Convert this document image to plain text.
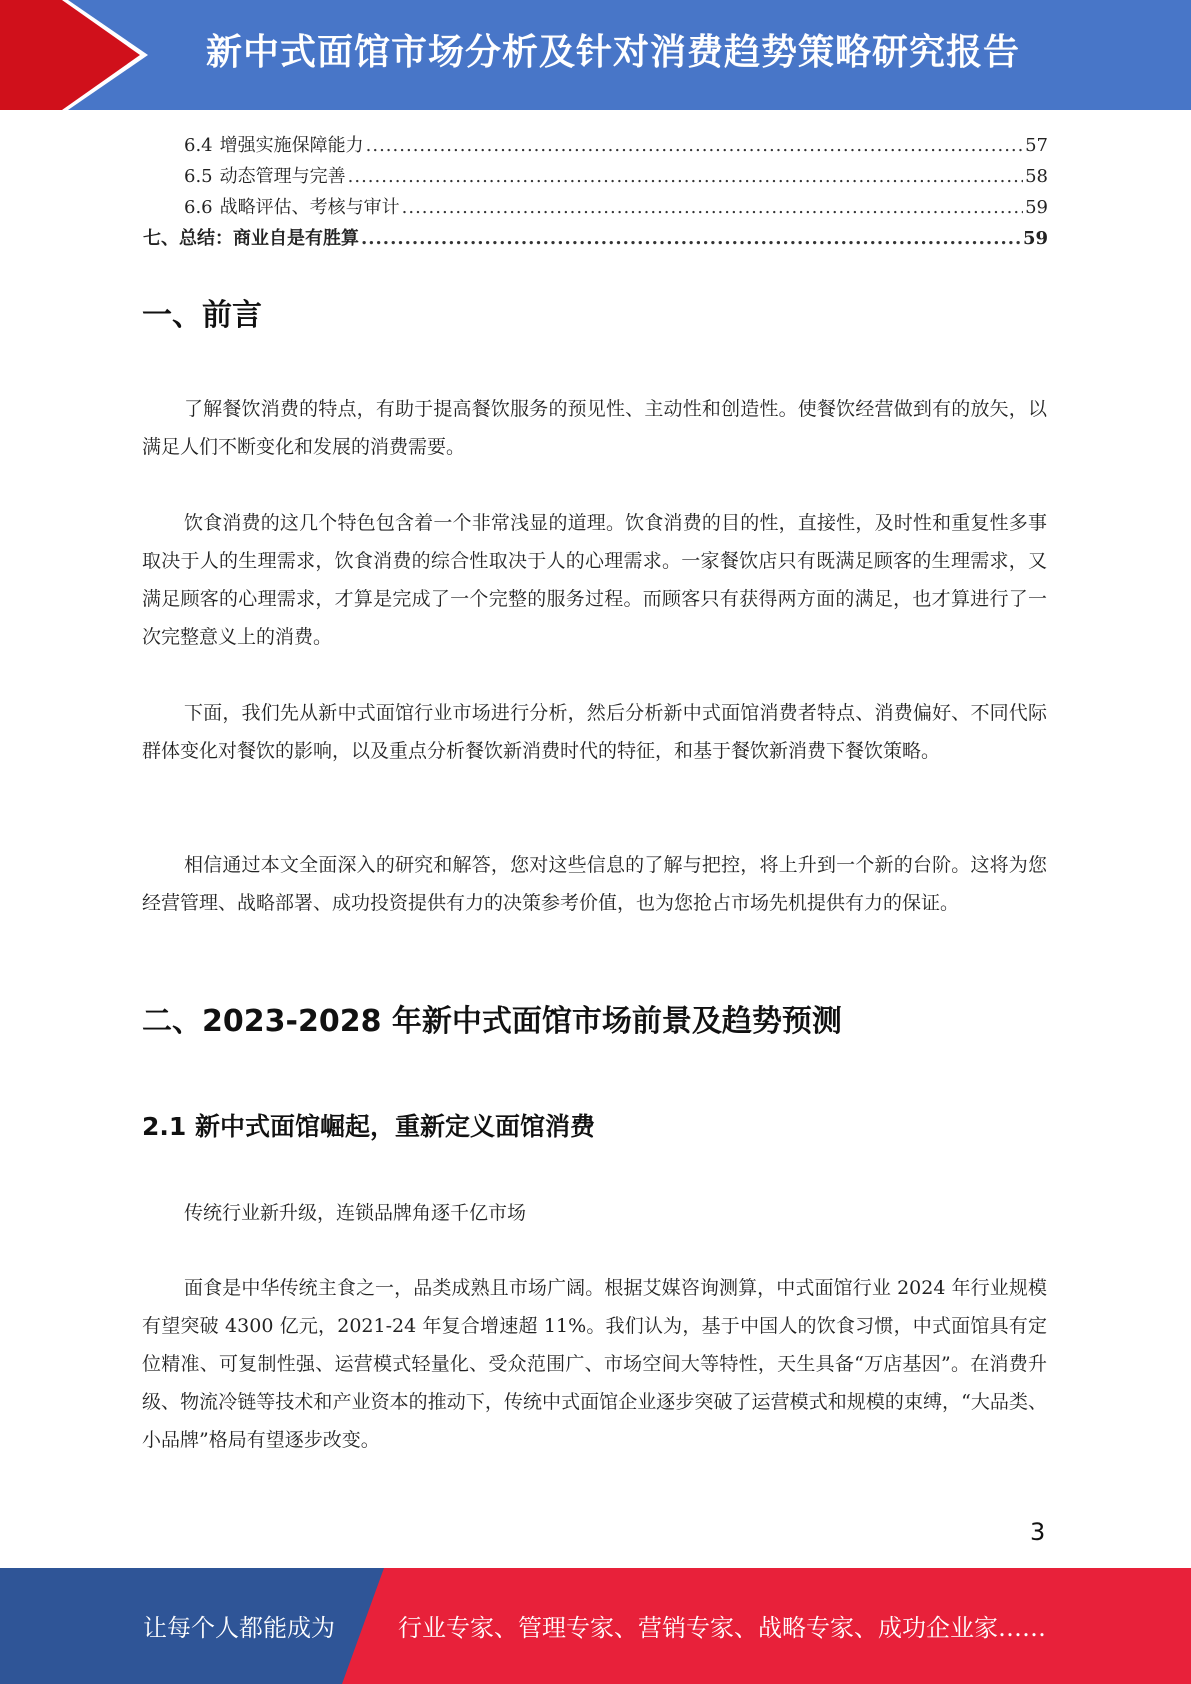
新中式面馆市场分析及针对消费趋势策略研究报告
6.4 增强实施保障能力 .....	57
6.5 动态管理与完善 .....	58
6.6 战略评估、考核与审计 .....	59
七、总结：商业自是有胜算 .....	59
一、前言

了解餐饮消费的特点，有助于提高餐饮服务的预见性、主动性和创造性。使餐饮经营做到有的放矢，以满足人们不断变化和发展的消费需要。

饮食消费的这几个特色包含着一个非常浅显的道理。饮食消费的目的性，直接性，及时性和重复性多事取决于人的生理需求，饮食消费的综合性取决于人的心理需求。一家餐饮店只有既满足顾客的生理需求，又满足顾客的心理需求，才算是完成了一个完整的服务过程。而顾客只有获得两方面的满足，也才算进行了一次完整意义上的消费。

下面，我们先从新中式面馆行业市场进行分析，然后分析新中式面馆消费者特点、消费偏好、不同代际群体变化对餐饮的影响，以及重点分析餐饮新消费时代的特征，和基于餐饮新消费下餐饮策略。

相信通过本文全面深入的研究和解答，您对这些信息的了解与把控，将上升到一个新的台阶。这将为您经营管理、战略部署、成功投资提供有力的决策参考价值，也为您抢占市场先机提供有力的保证。

二、2023-2028 年新中式面馆市场前景及趋势预测
2.1 新中式面馆崛起，重新定义面馆消费

传统行业新升级，连锁品牌角逐千亿市场

面食是中华传统主食之一，品类成熟且市场广阔。根据艾媒咨询测算，中式面馆行业 2024 年行业规模有望突破 4300 亿元，2021-24 年复合增速超 11%。我们认为，基于中国人的饮食习惯，中式面馆具有定位精准、可复制性强、运营模式轻量化、受众范围广、市场空间大等特性，天生具备“万店基因”。在消费升级、物流冷链等技术和产业资本的推动下，传统中式面馆企业逐步突破了运营模式和规模的束缚，“大品类、小品牌”格局有望逐步改变。

3
让每个人都能成为	行业专家、管理专家、营销专家、战略专家、成功企业家……
